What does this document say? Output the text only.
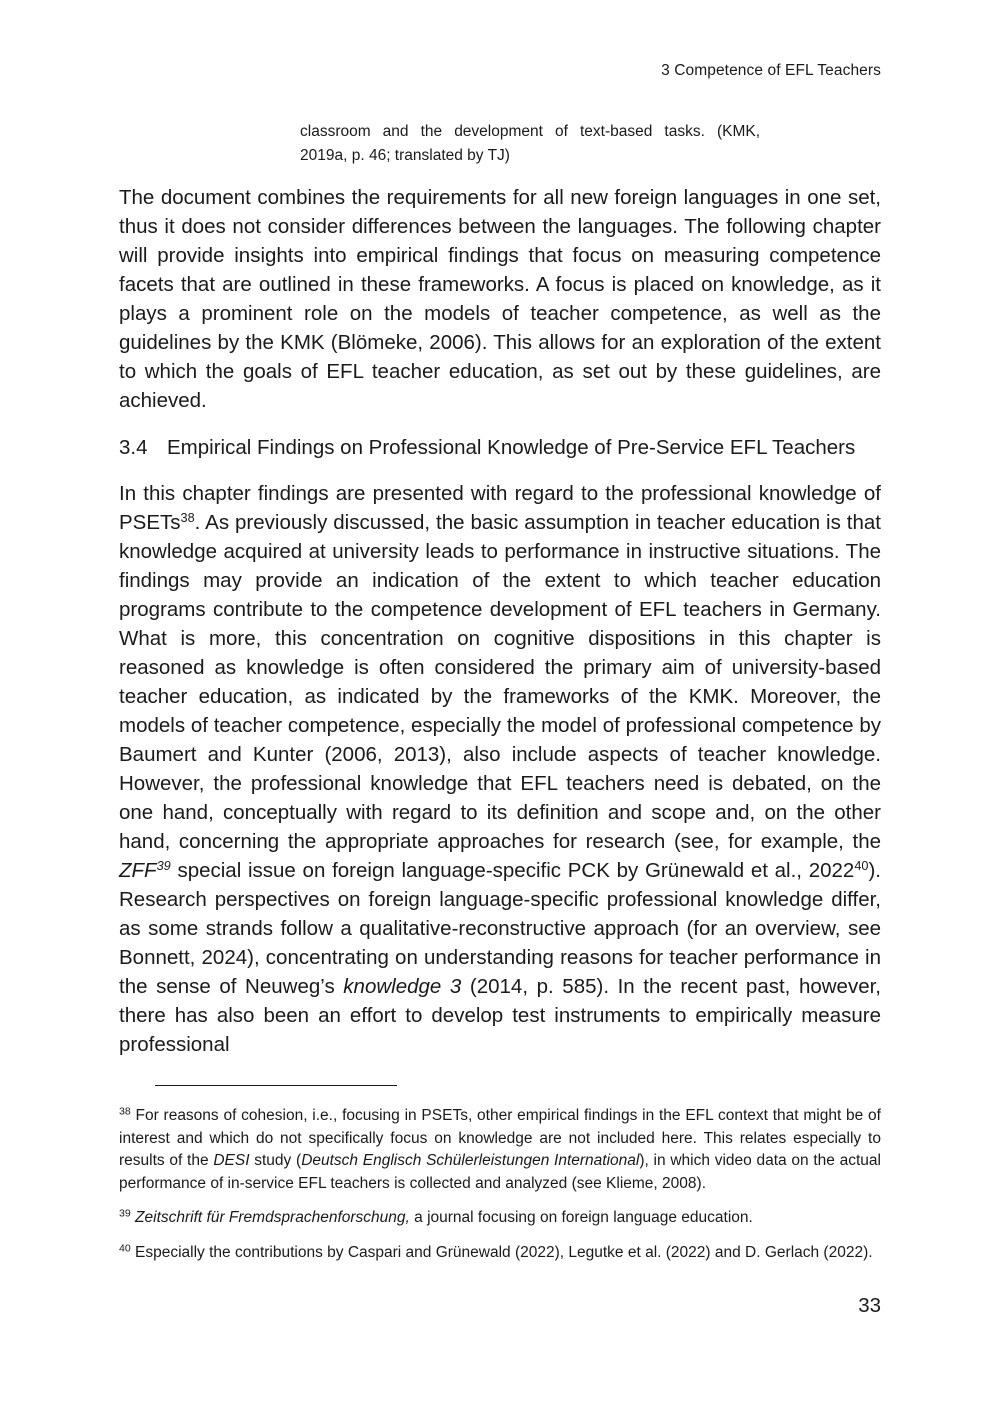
3 Competence of EFL Teachers
classroom and the development of text-based tasks. (KMK,
2019a, p. 46; translated by TJ)

The document combines the requirements for all new foreign languages in one set, thus it does not consider differences between the languages. The following chapter will provide insights into empirical findings that focus on measuring competence facets that are outlined in these frameworks. A focus is placed on knowledge, as it plays a prominent role on the models of teacher competence, as well as the guidelines by the KMK (Blömeke, 2006). This allows for an exploration of the extent to which the goals of EFL teacher education, as set out by these guidelines, are achieved.

3.4 Empirical Findings on Professional Knowledge of Pre-Service EFL Teachers

In this chapter findings are presented with regard to the professional knowledge of PSETs$^{38}$. As previously discussed, the basic assumption in teacher education is that knowledge acquired at university leads to performance in instructive situations. The findings may provide an indication of the extent to which teacher education programs contribute to the competence development of EFL teachers in Germany. What is more, this concentration on cognitive dispositions in this chapter is reasoned as knowledge is often considered the primary aim of university-based teacher education, as indicated by the frameworks of the KMK. Moreover, the models of teacher competence, especially the model of professional competence by Baumert and Kunter (2006, 2013), also include aspects of teacher knowledge. However, the professional knowledge that EFL teachers need is debated, on the one hand, conceptually with regard to its definition and scope and, on the other hand, concerning the appropriate approaches for research (see, for example, the ZFF$^{39}$ special issue on foreign language-specific PCK by Grünewald et al., 2022$^{40}$). Research perspectives on foreign language-specific professional knowledge differ, as some strands follow a qualitative-reconstructive approach (for an overview, see Bonnett, 2024), concentrating on understanding reasons for teacher performance in the sense of Neuweg’s knowledge 3 (2014, p. 585). In the recent past, however, there has also been an effort to develop test instruments to empirically measure professional

$^{38}$ For reasons of cohesion, i.e., focusing in PSETs, other empirical findings in the EFL context that might be of interest and which do not specifically focus on knowledge are not included here. This relates especially to results of the DESI study (Deutsch Englisch Schülerleistungen International), in which video data on the actual performance of in-service EFL teachers is collected and analyzed (see Klieme, 2008).

$^{39}$ Zeitschrift für Fremdsprachenforschung, a journal focusing on foreign language education.

$^{40}$ Especially the contributions by Caspari and Grünewald (2022), Legutke et al. (2022) and D. Gerlach (2022).

33
